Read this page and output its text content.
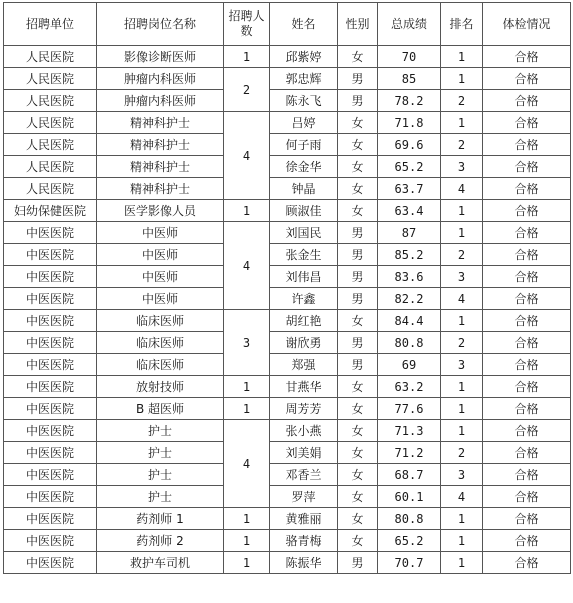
招聘单位	招聘岗位名称	招聘人数	姓名	性别	总成绩	排名	体检情况
人民医院	影像诊断医师	1	邱紫婷	女	70	1	合格
人民医院	肿瘤内科医师	2	郭忠辉	男	85	1	合格
人民医院	肿瘤内科医师		陈永飞	男	78.2	2	合格
人民医院	精神科护士	4	吕婷	女	71.8	1	合格
人民医院	精神科护士		何子雨	女	69.6	2	合格
人民医院	精神科护士		徐金华	女	65.2	3	合格
人民医院	精神科护士		钟晶	女	63.7	4	合格
妇幼保健医院	医学影像人员	1	顾淑佳	女	63.4	1	合格
中医医院	中医师	4	刘国民	男	87	1	合格
中医医院	中医师		张金生	男	85.2	2	合格
中医医院	中医师		刘伟昌	男	83.6	3	合格
中医医院	中医师		许鑫	男	82.2	4	合格
中医医院	临床医师	3	胡红艳	女	84.4	1	合格
中医医院	临床医师		谢欣勇	男	80.8	2	合格
中医医院	临床医师		郑强	男	69	3	合格
中医医院	放射技师	1	甘燕华	女	63.2	1	合格
中医医院	B 超医师	1	周芳芳	女	77.6	1	合格
中医医院	护士	4	张小燕	女	71.3	1	合格
中医医院	护士		刘美娟	女	71.2	2	合格
中医医院	护士		邓香兰	女	68.7	3	合格
中医医院	护士		罗萍	女	60.1	4	合格
中医医院	药剂师 1	1	黄雅丽	女	80.8	1	合格
中医医院	药剂师 2	1	骆青梅	女	65.2	1	合格
中医医院	救护车司机	1	陈振华	男	70.7	1	合格
